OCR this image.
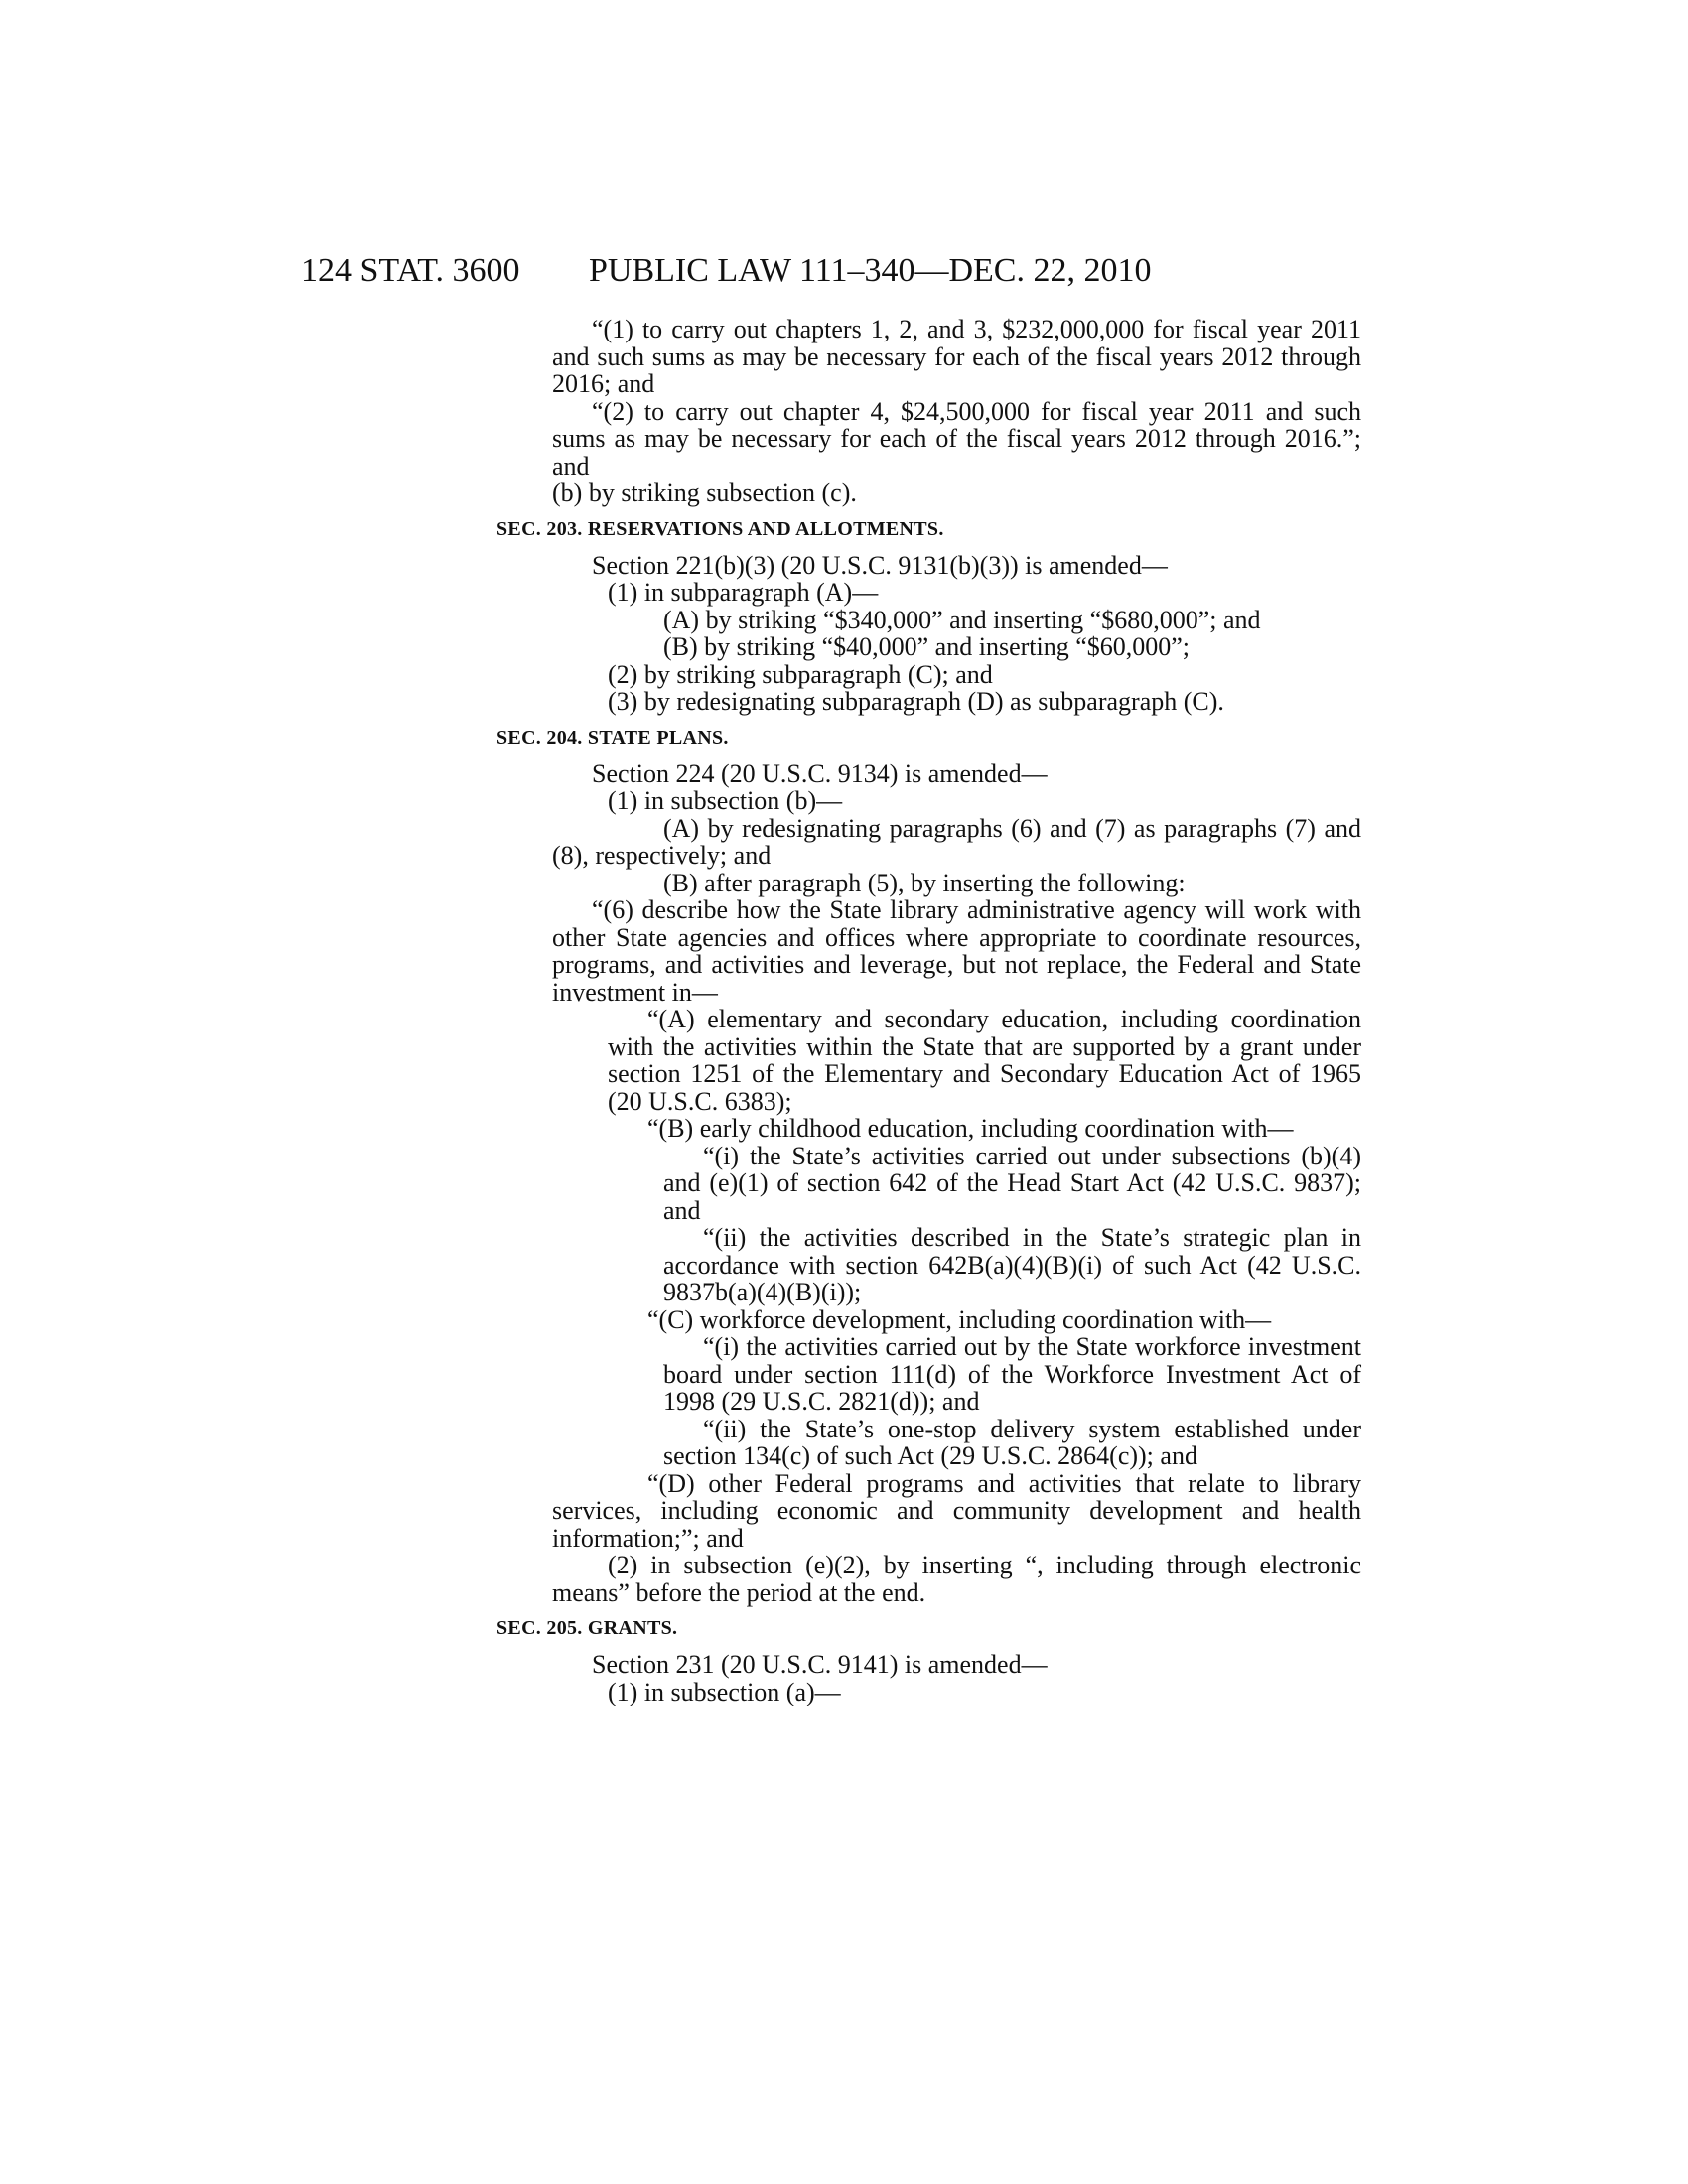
124 STAT. 3600 PUBLIC LAW 111–340—DEC. 22, 2010

“(1) to carry out chapters 1, 2, and 3, $232,000,000 for fiscal year 2011 and such sums as may be necessary for each of the fiscal years 2012 through 2016; and

“(2) to carry out chapter 4, $24,500,000 for fiscal year 2011 and such sums as may be necessary for each of the fiscal years 2012 through 2016.”; and

(b) by striking subsection (c).

SEC. 203. RESERVATIONS AND ALLOTMENTS.

Section 221(b)(3) (20 U.S.C. 9131(b)(3)) is amended—

(1) in subparagraph (A)—

(A) by striking “$340,000” and inserting “$680,000”; and

(B) by striking “$40,000” and inserting “$60,000”;

(2) by striking subparagraph (C); and

(3) by redesignating subparagraph (D) as subparagraph (C).

SEC. 204. STATE PLANS.

Section 224 (20 U.S.C. 9134) is amended—

(1) in subsection (b)—

(A) by redesignating paragraphs (6) and (7) as paragraphs (7) and (8), respectively; and

(B) after paragraph (5), by inserting the following:

“(6) describe how the State library administrative agency will work with other State agencies and offices where appropriate to coordinate resources, programs, and activities and leverage, but not replace, the Federal and State investment in—

“(A) elementary and secondary education, including coordination with the activities within the State that are supported by a grant under section 1251 of the Elementary and Secondary Education Act of 1965 (20 U.S.C. 6383);

“(B) early childhood education, including coordination with—

“(i) the State’s activities carried out under subsections (b)(4) and (e)(1) of section 642 of the Head Start Act (42 U.S.C. 9837); and

“(ii) the activities described in the State’s strategic plan in accordance with section 642B(a)(4)(B)(i) of such Act (42 U.S.C. 9837b(a)(4)(B)(i));

“(C) workforce development, including coordination with—

“(i) the activities carried out by the State workforce investment board under section 111(d) of the Workforce Investment Act of 1998 (29 U.S.C. 2821(d)); and

“(ii) the State’s one-stop delivery system established under section 134(c) of such Act (29 U.S.C. 2864(c)); and

“(D) other Federal programs and activities that relate to library services, including economic and community development and health information;”; and

(2) in subsection (e)(2), by inserting “, including through electronic means” before the period at the end.

SEC. 205. GRANTS.

Section 231 (20 U.S.C. 9141) is amended—

(1) in subsection (a)—
